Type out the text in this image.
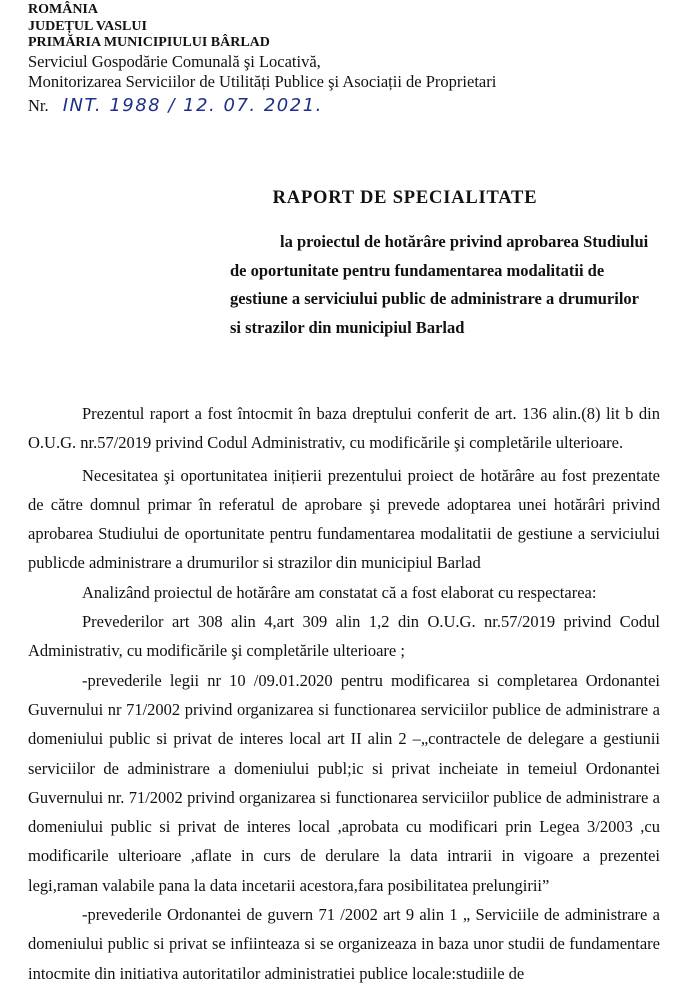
ROMÂNIA

JUDEȚUL VASLUI

PRIMĂRIA MUNICIPIULUI BÂRLAD

Serviciul Gospodărie Comunală şi Locativă,

Monitorizarea Serviciilor de Utilități Publice şi Asociații de Proprietari

Nr. INT. 1988 / 12. 07. 2021.
RAPORT DE SPECIALITATE
la proiectul de hotărâre privind aprobarea Studiului
de oportunitate pentru fundamentarea modalitatii de
gestiune a serviciului public de administrare a drumurilor
si strazilor din municipiul Barlad

Prezentul raport a fost întocmit în baza dreptului conferit de art. 136 alin.(8) lit b din O.U.G. nr.57/2019 privind Codul Administrativ, cu modificările şi completările ulterioare.

Necesitatea şi oportunitatea inițierii prezentului proiect de hotărâre au fost prezentate de către domnul primar în referatul de aprobare şi prevede adoptarea unei hotărâri privind aprobarea Studiului de oportunitate pentru fundamentarea modalitatii de gestiune a serviciului publicde administrare a drumurilor si strazilor din municipiul Barlad

Analizând proiectul de hotărâre am constatat că a fost elaborat cu respectarea:

Prevederilor art 308 alin 4,art 309 alin 1,2 din O.U.G. nr.57/2019 privind Codul Administrativ, cu modificările şi completările ulterioare ;

-prevederile legii nr 10 /09.01.2020 pentru modificarea si completarea Ordonantei Guvernului nr 71/2002 privind organizarea si functionarea serviciilor publice de administrare a domeniului public si privat de interes local art II alin 2 –„contractele de delegare a gestiunii serviciilor de administrare a domeniului publ;ic si privat incheiate in temeiul Ordonantei Guvernului nr. 71/2002 privind organizarea si functionarea serviciilor publice de administrare a domeniului public si privat de interes local ,aprobata cu modificari prin Legea 3/2003 ,cu modificarile ulterioare ,aflate in curs de derulare la data intrarii in vigoare a prezentei legi,raman valabile pana la data incetarii acestora,fara posibilitatea prelungirii”

-prevederile Ordonantei de guvern 71 /2002 art 9 alin 1 „ Serviciile de administrare a domeniului public si privat se infiinteaza si se organizeaza in baza unor studii de fundamentare intocmite din initiativa autoritatilor administratiei publice locale:studiile de
